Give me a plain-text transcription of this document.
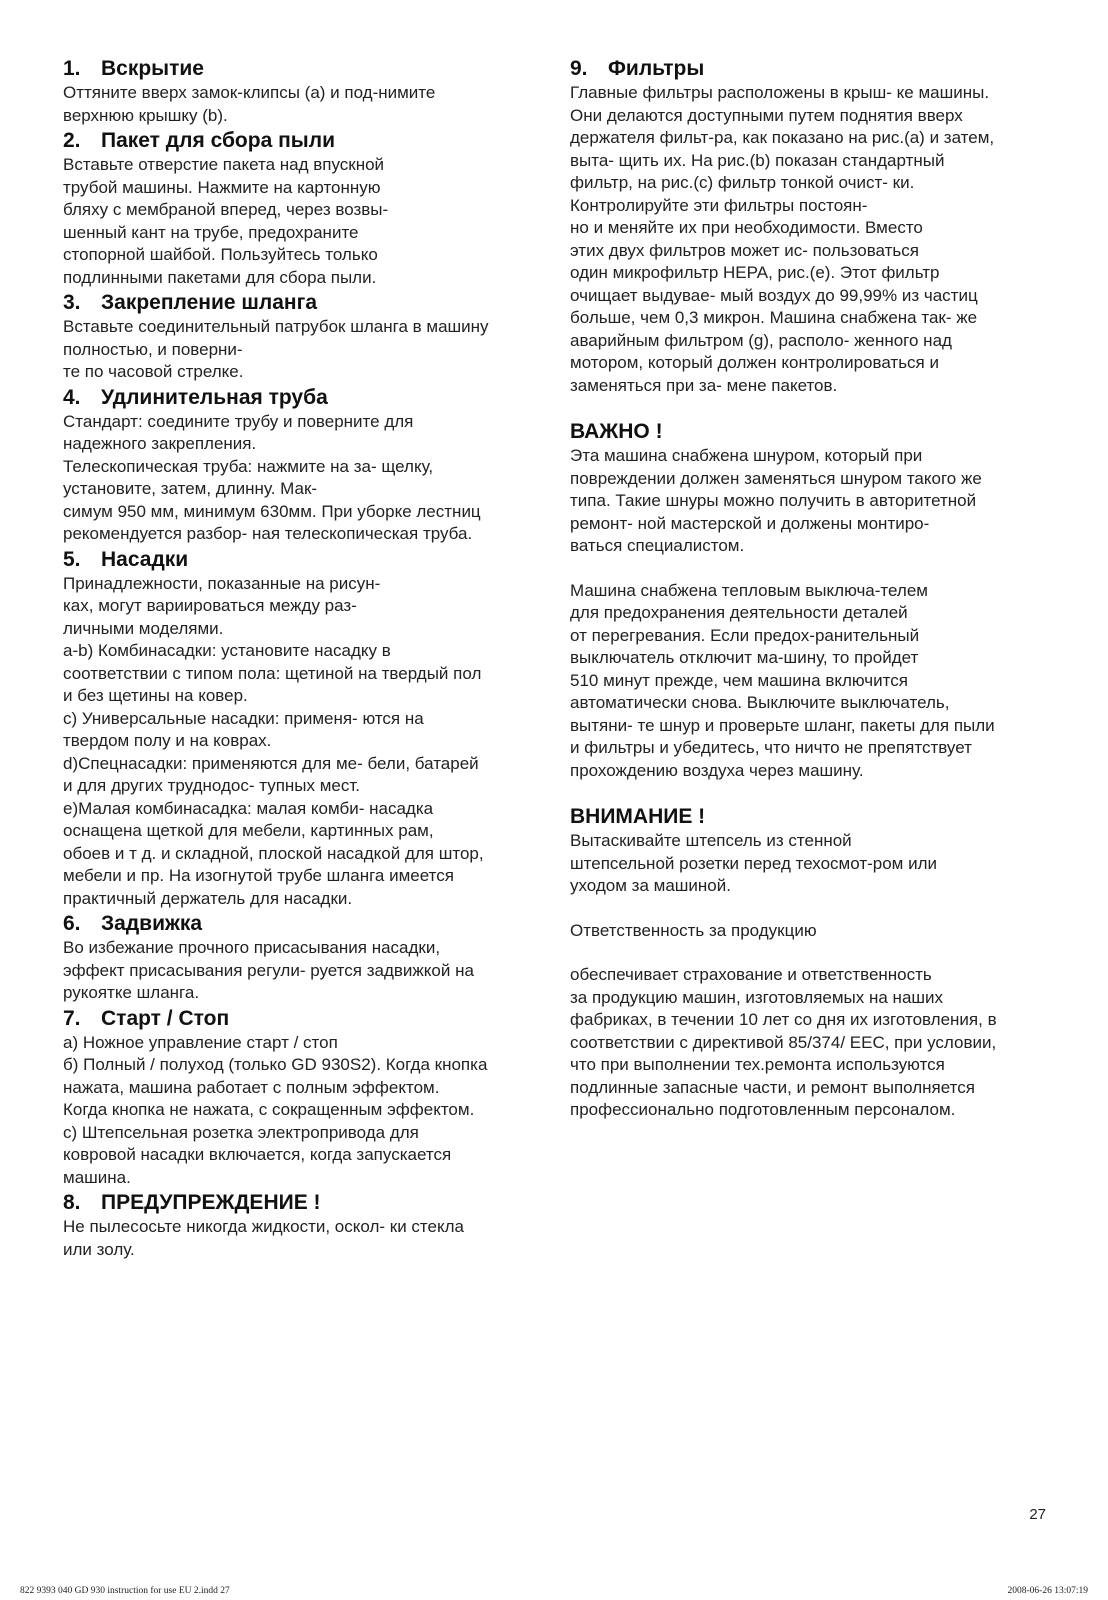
1. Вскрытие
Оттяните вверх замок-клипсы (а) и под-нимите
верхнюю крышку (b).
2. Пакет для сбора пыли
Вставьте отверстие пакета над впускной
трубой машины. Нажмите на картонную
бляху с мембраной вперед, через возвы-
шенный кант на трубе, предохраните
стопорной шайбой. Пользуйтесь только
подлинными пакетами для сбора пыли.
3. Закрепление шланга
Вставьте соединительный патрубок шланга в машину
полностью, и поверни-
те по часовой стрелке.
4. Удлинительная труба
Стандарт: соедините трубу и поверните для
надежного закрепления.
Телескопическая труба: нажмите на за- щелку,
установите, затем, длинну. Мак-
симум 950 мм, минимум 630мм. При уборке лестниц
рекомендуется разбор- ная телескопическая труба.
5. Насадки
Принадлежности, показанные на рисун-
ках, могут вариироваться между раз-
личными моделями.
a-b) Комбинасадки: установите насадку в
соответствии с типом пола: щетиной на твердый пол
и без щетины на ковер.
c) Универсальные насадки: применя- ются на
твердом полу и на коврах.
d)Спецнасадки: применяются для ме- бели, батарей
и для других труднодос- тупных мест.
e)Малая комбинасадка: малая комби- насадка
оснащена щеткой для мебели, картинных рам,
обоев и т д. и складной, плоской насадкой для штор,
мебели и пр. На изогнутой трубе шланга имеется
практичный держатель для насадки.
6. Задвижка
Во избежание прочного присасывания насадки,
эффект присасывания регули- руется задвижкой на
рукоятке шланга.
7. Старт / Стоп
a) Ножное управление старт / стоп
б) Полный / полуход (только GD 930S2). Когда кнопка
нажата, машина работает с полным эффектом.
Когда кнопка не нажата, с сокращенным эффектом.
c) Штепсельная розетка электропривода для
ковровой насадки включается, когда запускается
машина.
8. ПРЕДУПРЕЖДЕНИЕ !
Не пылесосьте никогда жидкости, оскол- ки стекла
или золу.
9. Фильтры
Главные фильтры расположены в крыш- ке машины.
Они делаются доступными путем поднятия вверх
держателя фильт-ра, как показано на рис.(a) и затем,
выта- щить их. На рис.(b) показан стандартный
фильтр, на рис.(c) фильтр тонкой очист- ки.
Контролируйте эти фильтры постоян-
но и меняйте их при необходимости. Вместо
этих двух фильтров может ис- пользоваться
один микрофильтр HEPA, рис.(e). Этот фильтр
очищает выдувае- мый воздух до 99,99% из частиц
больше, чем 0,3 микрон. Машина снабжена так- же
аварийным фильтром (g), располо- женного над
мотором, который должен контролироваться и
заменяться при за- мене пакетов.
ВАЖНО !
Эта машина снабжена шнуром, который при
повреждении должен заменяться шнуром такого же
типа. Такие шнуры можно получить в авторитетной
ремонт- ной мастерской и должены монтиро-
ваться специалистом.
Машина снабжена тепловым выключа-телем
для предохранения деятельности деталей
от перегревания. Если предох-ранительный
выключатель отключит ма-шину, то пройдет
510 минут прежде, чем машина включится
автоматически снова. Выключите выключатель,
вытяни- те шнур и проверьте шланг, пакеты для пыли
и фильтры и убедитесь, что ничто не препятствует
прохождению воздуха через машину.
ВНИМАНИЕ !
Вытаскивайте штепсель из стенной
штепсельной розетки перед техосмот-ром или
уходом за машиной.
Ответственность за продукцию
обеспечивает страхование и ответственность
за продукцию машин, изготовляемых на наших
фабриках, в течении 10 лет со дня их изготовления, в
соответствии с директивой 85/374/ EEC, при условии,
что при выполнении тех.ремонта используются
подлинные запасные части, и ремонт выполняется
профессионально подготовленным персоналом.
27
822 9393 040 GD 930 instruction for use EU 2.indd 27	2008-06-26 13:07:19
